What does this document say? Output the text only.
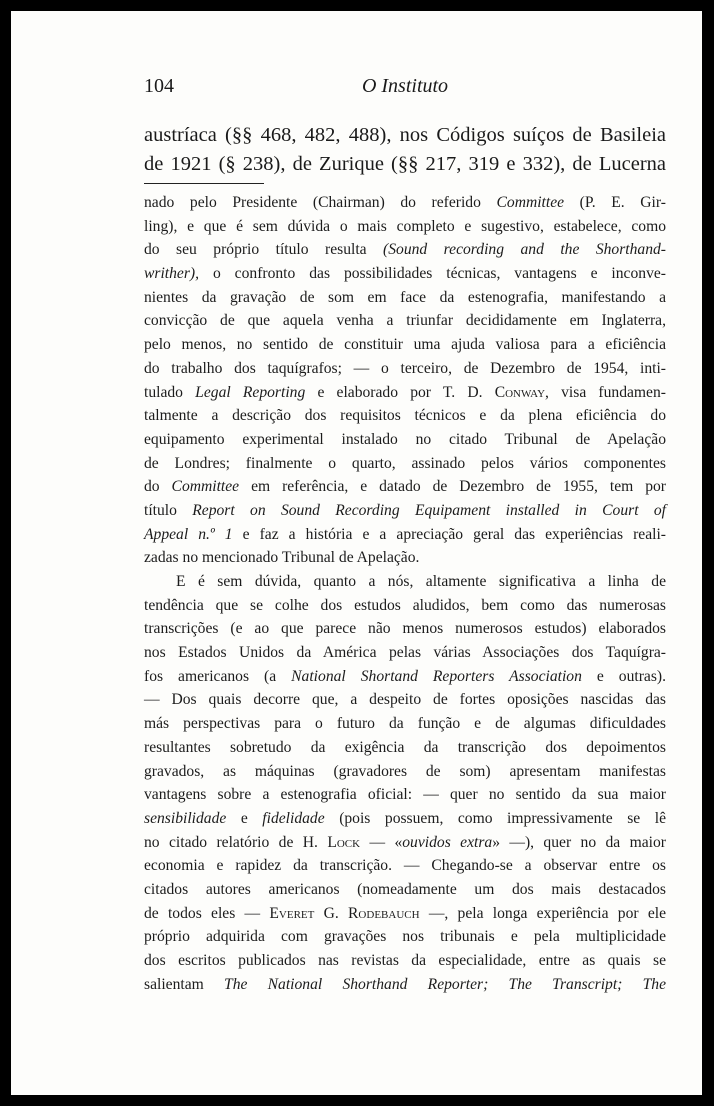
104	O Instituto
austríaca (§§ 468, 482, 488), nos Códigos suíços de Basileia
de 1921 (§ 238), de Zurique (§§ 217, 319 e 332), de Lucerna
nado pelo Presidente (Chairman) do referido Committee (P. E. Gir-
ling), e que é sem dúvida o mais completo e sugestivo, estabelece, como
do seu próprio título resulta (Sound recording and the Shorthand-
writher), o confronto das possibilidades técnicas, vantagens e inconve-
nientes da gravação de som em face da estenografia, manifestando a
convicção de que aquela venha a triunfar decididamente em Inglaterra,
pelo menos, no sentido de constituir uma ajuda valiosa para a eficiência
do trabalho dos taquígrafos; — o terceiro, de Dezembro de 1954, inti-
tulado Legal Reporting e elaborado por T. D. Conway, visa fundamen-
talmente a descrição dos requisitos técnicos e da plena eficiência do
equipamento experimental instalado no citado Tribunal de Apelação
de Londres; finalmente o quarto, assinado pelos vários componentes
do Committee em referência, e datado de Dezembro de 1955, tem por
título Report on Sound Recording Equipament installed in Court of
Appeal n.º 1 e faz a história e a apreciação geral das experiências reali-
zadas no mencionado Tribunal de Apelação.
E é sem dúvida, quanto a nós, altamente significativa a linha de
tendência que se colhe dos estudos aludidos, bem como das numerosas
transcrições (e ao que parece não menos numerosos estudos) elaborados
nos Estados Unidos da América pelas várias Associações dos Taquígra-
fos americanos (a National Shortand Reporters Association e outras).
— Dos quais decorre que, a despeito de fortes oposições nascidas das
más perspectivas para o futuro da função e de algumas dificuldades
resultantes sobretudo da exigência da transcrição dos depoimentos
gravados, as máquinas (gravadores de som) apresentam manifestas
vantagens sobre a estenografia oficial: — quer no sentido da sua maior
sensibilidade e fidelidade (pois possuem, como impressivamente se lê
no citado relatório de H. Lock — «ouvidos extra» —), quer no da maior
economia e rapidez da transcrição. — Chegando-se a observar entre os
citados autores americanos (nomeadamente um dos mais destacados
de todos eles — Everet G. Rodebauch —, pela longa experiência por ele
próprio adquirida com gravações nos tribunais e pela multiplicidade
dos escritos publicados nas revistas da especialidade, entre as quais se
salientam The National Shorthand Reporter; The Transcript; The
